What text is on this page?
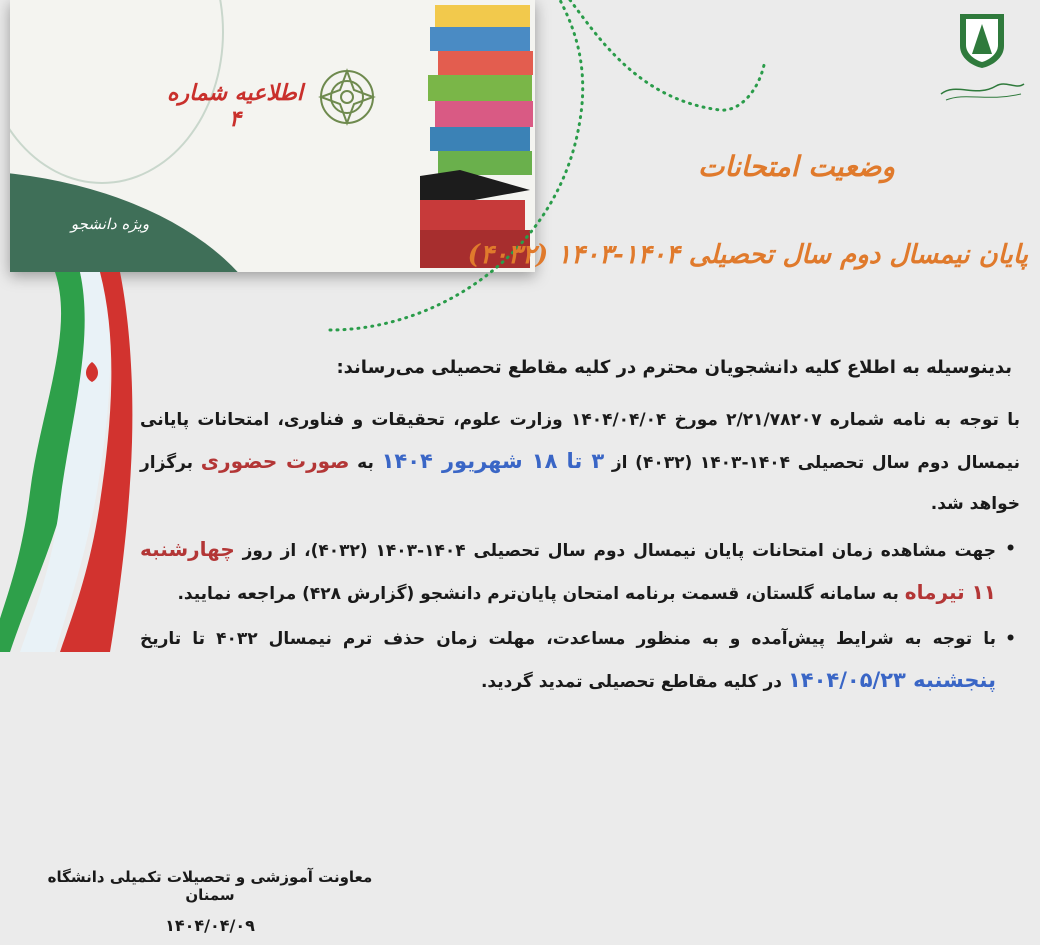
اطلاعیه شماره ۴
ویژه دانشجو

وضعیت امتحانات
پایان نیمسال دوم سال تحصیلی ۱۴۰۴-۱۴۰۳ (۴۰۳۲)
بدینوسیله به اطلاع کلیه دانشجویان محترم در کلیه مقاطع تحصیلی می‌رساند:

با توجه به نامه شماره ۲/۲۱/۷۸۲۰۷ مورخ ۱۴۰۴/۰۴/۰۴ وزارت علوم، تحقیقات و فناوری، امتحانات پایانی نیمسال دوم سال تحصیلی ۱۴۰۴-۱۴۰۳ (۴۰۳۲) از ۳ تا ۱۸ شهریور ۱۴۰۴ به صورت حضوری برگزار خواهد شد.

•
جهت مشاهده زمان امتحانات پایان نیمسال دوم سال تحصیلی ۱۴۰۴-۱۴۰۳ (۴۰۳۲)، از روز چهارشنبه ۱۱ تیرماه به سامانه گلستان، قسمت برنامه امتحان پایان‌ترم دانشجو (گزارش ۴۲۸) مراجعه نمایید.
•
با توجه به شرایط پیش‌آمده و به منظور مساعدت، مهلت زمان حذف ترم نیمسال ۴۰۳۲ تا تاریخ پنجشنبه ۱۴۰۴/۰۵/۲۳ در کلیه مقاطع تحصیلی تمدید گردید.
معاونت آموزشی و تحصیلات تکمیلی دانشگاه سمنان
۱۴۰۴/۰۴/۰۹
